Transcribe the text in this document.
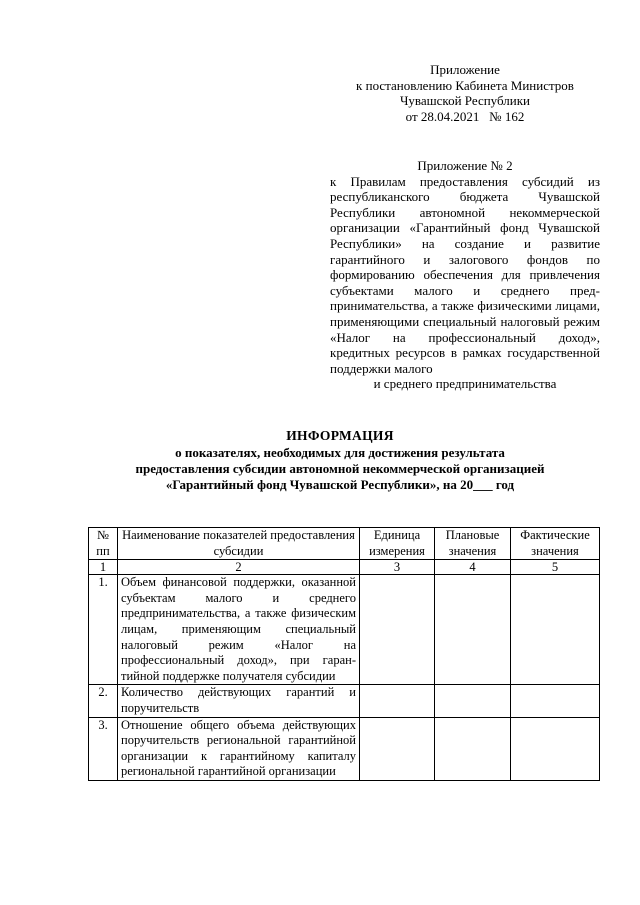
Приложение
к постановлению Кабинета Министров
Чувашской Республики
от 28.04.2021   № 162
Приложение № 2
к Правилам предоставления субсидий из республиканского бюджета Чувашской Республики автономной некоммерческой организации «Гарантийный фонд Чувашской Республики» на создание и развитие гарантийного и залогового фондов по формированию обеспечения для привлечения субъектами малого и среднего предпринимательства, а также физическими лицами, применяющими специальный налоговый режим «Налог на профессиональный доход», кредитных ресурсов в рамках государственной поддержки малого
и среднего предпринимательства
ИНФОРМАЦИЯ
о показателях, необходимых для достижения результата
предоставления субсидии автономной некоммерческой организацией
«Гарантийный фонд Чувашской Республики», на 20___ год
№ пп	Наименование показателей предоставления субсидии	Единица измерения	Плановые значения	Фактические значения
1	2	3	4	5
1.	Объем финансовой поддержки, оказанной субъектам малого и среднего предпринимательства, а также физическим лицам, применяющим специальный налоговый режим «Налог на профессиональный доход», при гарантийной поддержке получателя субсидии			
2.	Количество действующих гарантий и поручительств			
3.	Отношение общего объема действующих поручительств региональной гарантийной организации к гарантийному капиталу региональной гарантийной организации			
